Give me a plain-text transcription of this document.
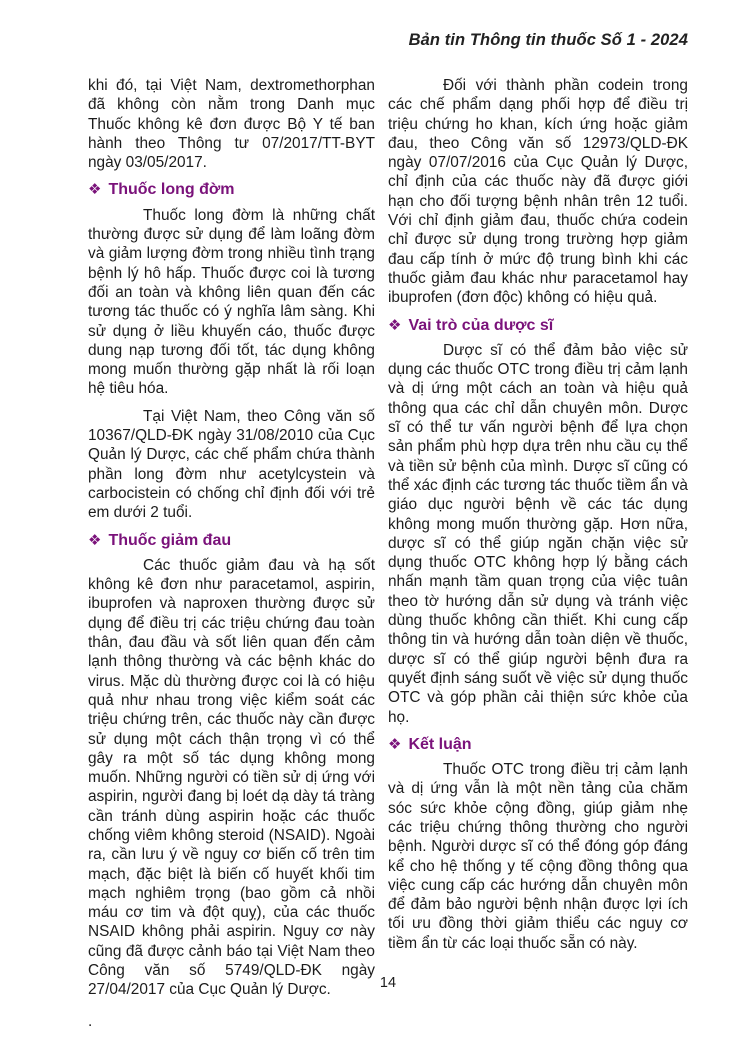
Bản tin Thông tin thuốc Số 1 - 2024

khi đó, tại Việt Nam, dextromethorphan đã không còn nằm trong Danh mục Thuốc không kê đơn được Bộ Y tế ban hành theo Thông tư 07/2017/TT-BYT ngày 03/05/2017.

❖ Thuốc long đờm

Thuốc long đờm là những chất thường được sử dụng để làm loãng đờm và giảm lượng đờm trong nhiều tình trạng bệnh lý hô hấp. Thuốc được coi là tương đối an toàn và không liên quan đến các tương tác thuốc có ý nghĩa lâm sàng. Khi sử dụng ở liều khuyến cáo, thuốc được dung nạp tương đối tốt, tác dụng không mong muốn thường gặp nhất là rối loạn hệ tiêu hóa.

Tại Việt Nam, theo Công văn số 10367/QLD-ĐK ngày 31/08/2010 của Cục Quản lý Dược, các chế phẩm chứa thành phần long đờm như acetylcystein và carbocistein có chống chỉ định đối với trẻ em dưới 2 tuổi.

❖ Thuốc giảm đau

Các thuốc giảm đau và hạ sốt không kê đơn như paracetamol, aspirin, ibuprofen và naproxen thường được sử dụng để điều trị các triệu chứng đau toàn thân, đau đầu và sốt liên quan đến cảm lạnh thông thường và các bệnh khác do virus. Mặc dù thường được coi là có hiệu quả như nhau trong việc kiểm soát các triệu chứng trên, các thuốc này cần được sử dụng một cách thận trọng vì có thể gây ra một số tác dụng không mong muốn. Những người có tiền sử dị ứng với aspirin, người đang bị loét dạ dày tá tràng cần tránh dùng aspirin hoặc các thuốc chống viêm không steroid (NSAID). Ngoài ra, cần lưu ý về nguy cơ biến cố trên tim mạch, đặc biệt là biến cố huyết khối tim mạch nghiêm trọng (bao gồm cả nhồi máu cơ tim và đột quỵ), của các thuốc NSAID không phải aspirin. Nguy cơ này cũng đã được cảnh báo tại Việt Nam theo Công văn số 5749/QLD-ĐK ngày 27/04/2017 của Cục Quản lý Dược.

.

Đối với thành phần codein trong các chế phẩm dạng phối hợp để điều trị triệu chứng ho khan, kích ứng hoặc giảm đau, theo Công văn số 12973/QLD-ĐK ngày 07/07/2016 của Cục Quản lý Dược, chỉ định của các thuốc này đã được giới hạn cho đối tượng bệnh nhân trên 12 tuổi. Với chỉ định giảm đau, thuốc chứa codein chỉ được sử dụng trong trường hợp giảm đau cấp tính ở mức độ trung bình khi các thuốc giảm đau khác như paracetamol hay ibuprofen (đơn độc) không có hiệu quả.

❖ Vai trò của dược sĩ

Dược sĩ có thể đảm bảo việc sử dụng các thuốc OTC trong điều trị cảm lạnh và dị ứng một cách an toàn và hiệu quả thông qua các chỉ dẫn chuyên môn. Dược sĩ có thể tư vấn người bệnh để lựa chọn sản phẩm phù hợp dựa trên nhu cầu cụ thể và tiền sử bệnh của mình. Dược sĩ cũng có thể xác định các tương tác thuốc tiềm ẩn và giáo dục người bệnh về các tác dụng không mong muốn thường gặp. Hơn nữa, dược sĩ có thể giúp ngăn chặn việc sử dụng thuốc OTC không hợp lý bằng cách nhấn mạnh tầm quan trọng của việc tuân theo tờ hướng dẫn sử dụng và tránh việc dùng thuốc không cần thiết. Khi cung cấp thông tin và hướng dẫn toàn diện về thuốc, dược sĩ có thể giúp người bệnh đưa ra quyết định sáng suốt về việc sử dụng thuốc OTC và góp phần cải thiện sức khỏe của họ.

❖ Kết luận

Thuốc OTC trong điều trị cảm lạnh và dị ứng vẫn là một nền tảng của chăm sóc sức khỏe cộng đồng, giúp giảm nhẹ các triệu chứng thông thường cho người bệnh. Người dược sĩ có thể đóng góp đáng kể cho hệ thống y tế cộng đồng thông qua việc cung cấp các hướng dẫn chuyên môn để đảm bảo người bệnh nhận được lợi ích tối ưu đồng thời giảm thiểu các nguy cơ tiềm ẩn từ các loại thuốc sẵn có này.

14
